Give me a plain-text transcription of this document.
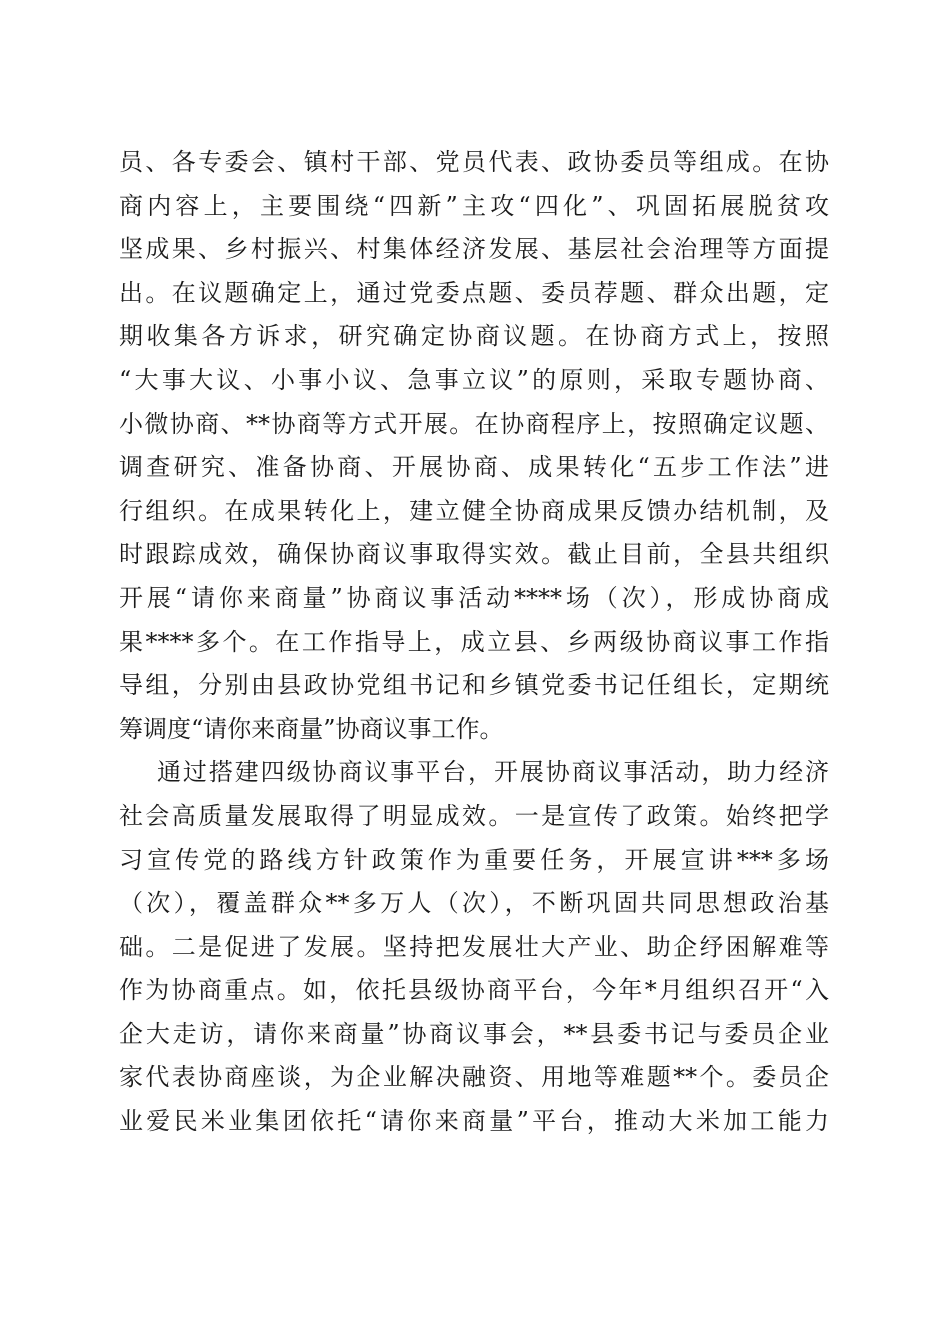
员、各专委会、镇村干部、党员代表、政协委员等组成。在协
商内容上，主要围绕“四新”主攻“四化”、巩固拓展脱贫攻
坚成果、乡村振兴、村集体经济发展、基层社会治理等方面提
出。在议题确定上，通过党委点题、委员荐题、群众出题，定
期收集各方诉求，研究确定协商议题。在协商方式上，按照
“大事大议、小事小议、急事立议”的原则，采取专题协商、
小微协商、**协商等方式开展。在协商程序上，按照确定议题、
调查研究、准备协商、开展协商、成果转化“五步工作法”进
行组织。在成果转化上，建立健全协商成果反馈办结机制，及
时跟踪成效，确保协商议事取得实效。截止目前，全县共组织
开展“请你来商量”协商议事活动****场（次），形成协商成
果****多个。在工作指导上，成立县、乡两级协商议事工作指
导组，分别由县政协党组书记和乡镇党委书记任组长，定期统
筹调度“请你来商量”协商议事工作。
通过搭建四级协商议事平台，开展协商议事活动，助力经济
社会高质量发展取得了明显成效。一是宣传了政策。始终把学
习宣传党的路线方针政策作为重要任务，开展宣讲***多场
（次），覆盖群众**多万人（次），不断巩固共同思想政治基
础。二是促进了发展。坚持把发展壮大产业、助企纾困解难等
作为协商重点。如，依托县级协商平台，今年*月组织召开“入
企大走访，请你来商量”协商议事会，**县委书记与委员企业
家代表协商座谈，为企业解决融资、用地等难题**个。委员企
业爱民米业集团依托“请你来商量”平台，推动大米加工能力
